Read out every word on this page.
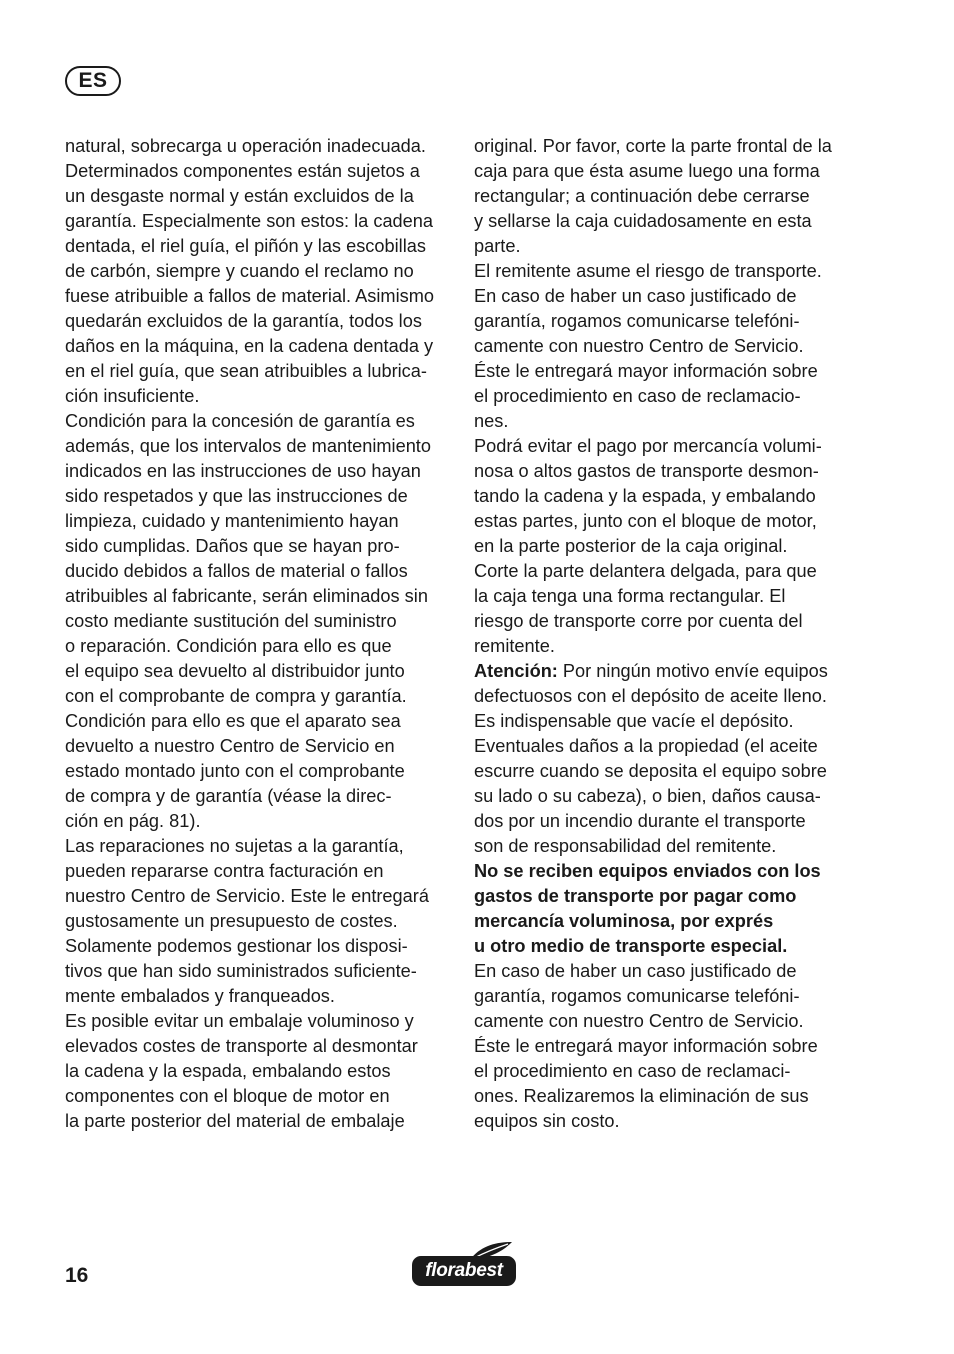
ES
natural, sobrecarga u operación inadecuada.
Determinados componentes están sujetos a
un desgaste normal y están excluidos de la
garantía. Especialmente son estos: la cadena
dentada, el riel guía, el piñón y las escobillas
de carbón, siempre y cuando el reclamo no
fuese atribuible a fallos de material. Asimismo
quedarán excluidos de la garantía, todos los
daños en la máquina, en la cadena dentada y
en el riel guía, que sean atribuibles a lubrica-
ción insuficiente.
Condición para la concesión de garantía es
además, que los intervalos de mantenimiento
indicados en las instrucciones de uso hayan
sido respetados y que las instrucciones de
limpieza, cuidado y mantenimiento hayan
sido cumplidas. Daños que se hayan pro-
ducido debidos a fallos de material o fallos
atribuibles al fabricante, serán eliminados sin
costo mediante sustitución del suministro
o reparación. Condición para ello es que
el equipo sea devuelto al distribuidor junto
con el comprobante de compra y garantía.
Condición para ello es que el aparato sea
devuelto a nuestro Centro de Servicio en
estado montado junto con el comprobante
de compra y de garantía (véase la direc-
ción en pág. 81).
Las reparaciones no sujetas a la garantía,
pueden repararse contra facturación en
nuestro Centro de Servicio. Este le entregará
gustosamente un presupuesto de costes.
Solamente podemos gestionar los disposi-
tivos que han sido suministrados suficiente-
mente embalados y franqueados.
Es posible evitar un embalaje voluminoso y
elevados costes de transporte al desmontar
la cadena y la espada, embalando estos
componentes con el bloque de motor en
la parte posterior del material de embalaje
original. Por favor, corte la parte frontal de la
caja para que ésta asume luego una forma
rectangular; a continuación debe cerrarse
y sellarse la caja cuidadosamente en esta
parte.
El remitente asume el riesgo de transporte.
En caso de haber un caso justificado de
garantía, rogamos comunicarse telefóni-
camente con nuestro Centro de Servicio.
Éste le entregará mayor información sobre
el procedimiento en caso de reclamacio-
nes.
Podrá evitar el pago por mercancía volumi-
nosa o altos gastos de transporte desmon-
tando la cadena y la espada, y embalando
estas partes, junto con el bloque de motor,
en la parte posterior de la caja original.
Corte la parte delantera delgada, para que
la caja tenga una forma rectangular. El
riesgo de transporte corre por cuenta del
remitente.
Atención: Por ningún motivo envíe equipos
defectuosos con el depósito de aceite lleno.
Es indispensable que vacíe el depósito.
Eventuales daños a la propiedad (el aceite
escurre cuando se deposita el equipo sobre
su lado o su cabeza), o bien, daños causa-
dos por un incendio durante el transporte
son de responsabilidad del remitente.
No se reciben equipos enviados con los
gastos de transporte por pagar como
mercancía voluminosa, por exprés
u otro medio de transporte especial.
En caso de haber un caso justificado de
garantía, rogamos comunicarse telefóni-
camente con nuestro Centro de Servicio.
Éste le entregará mayor información sobre
el procedimiento en caso de reclamaci-
ones. Realizaremos la eliminación de sus
equipos sin costo.
16	florabest
